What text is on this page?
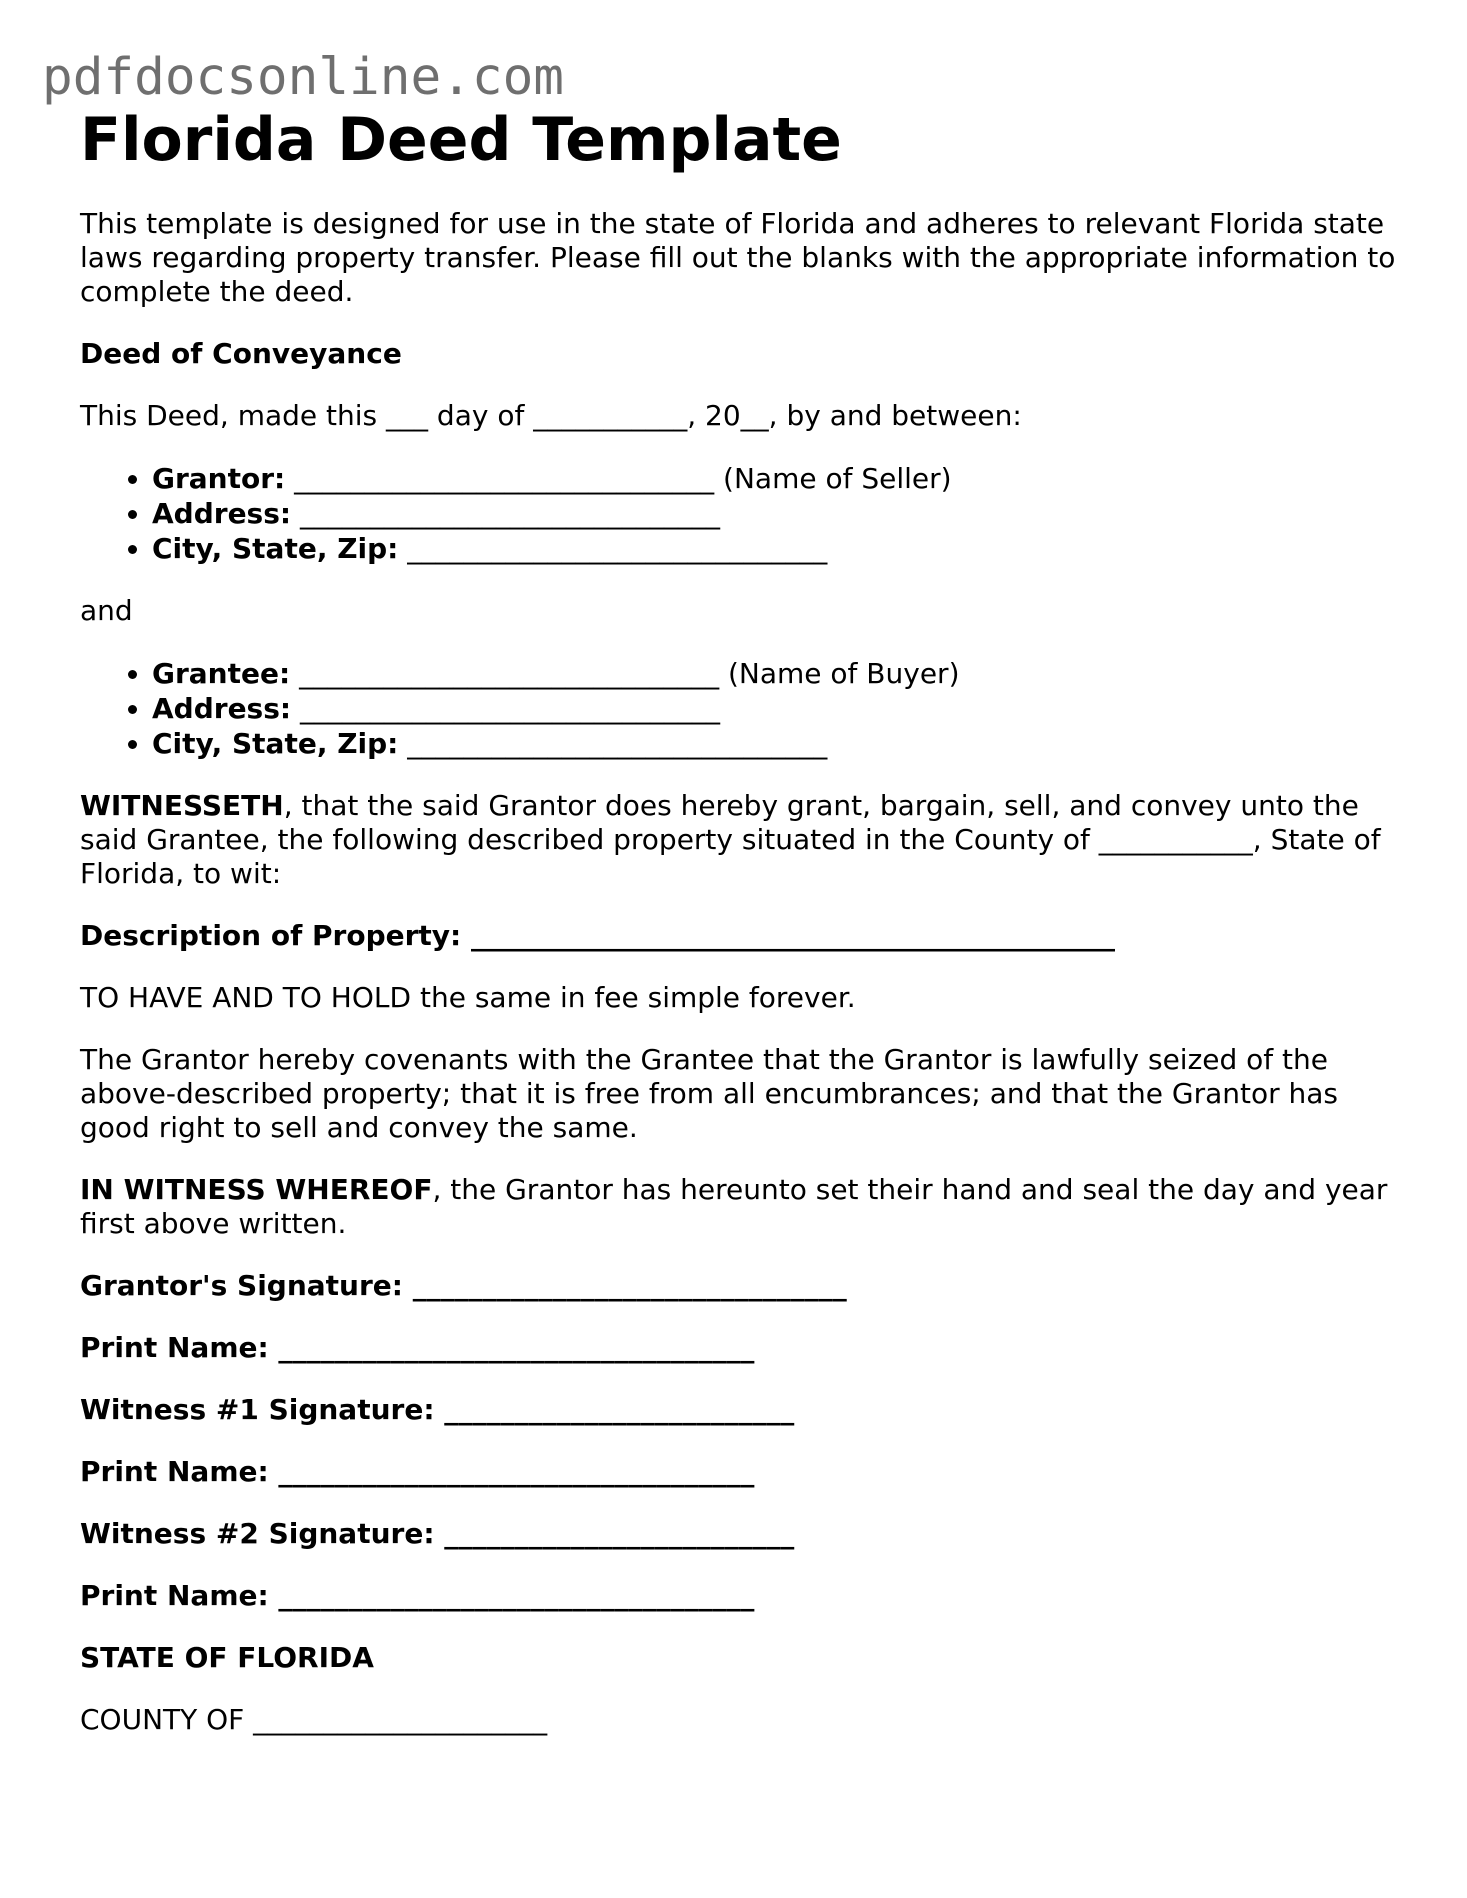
pdfdocsonline.com
Florida Deed Template

This template is designed for use in the state of Florida and adheres to relevant Florida state laws regarding property transfer. Please fill out the blanks with the appropriate information to complete the deed.

Deed of Conveyance

This Deed, made this ___ day of ___________, 20__, by and between:

• Grantor: ______________________________ (Name of Seller)
• Address: ______________________________
• City, State, Zip: ______________________________

and

• Grantee: ______________________________ (Name of Buyer)
• Address: ______________________________
• City, State, Zip: ______________________________

WITNESSETH, that the said Grantor does hereby grant, bargain, sell, and convey unto the said Grantee, the following described property situated in the County of ___________, State of Florida, to wit:

Description of Property: ______________________________________________

TO HAVE AND TO HOLD the same in fee simple forever.

The Grantor hereby covenants with the Grantee that the Grantor is lawfully seized of the above-described property; that it is free from all encumbrances; and that the Grantor has good right to sell and convey the same.

IN WITNESS WHEREOF, the Grantor has hereunto set their hand and seal the day and year first above written.

Grantor's Signature: _______________________________

Print Name: __________________________________

Witness #1 Signature: _________________________

Print Name: __________________________________

Witness #2 Signature: _________________________

Print Name: __________________________________

STATE OF FLORIDA

COUNTY OF _____________________
